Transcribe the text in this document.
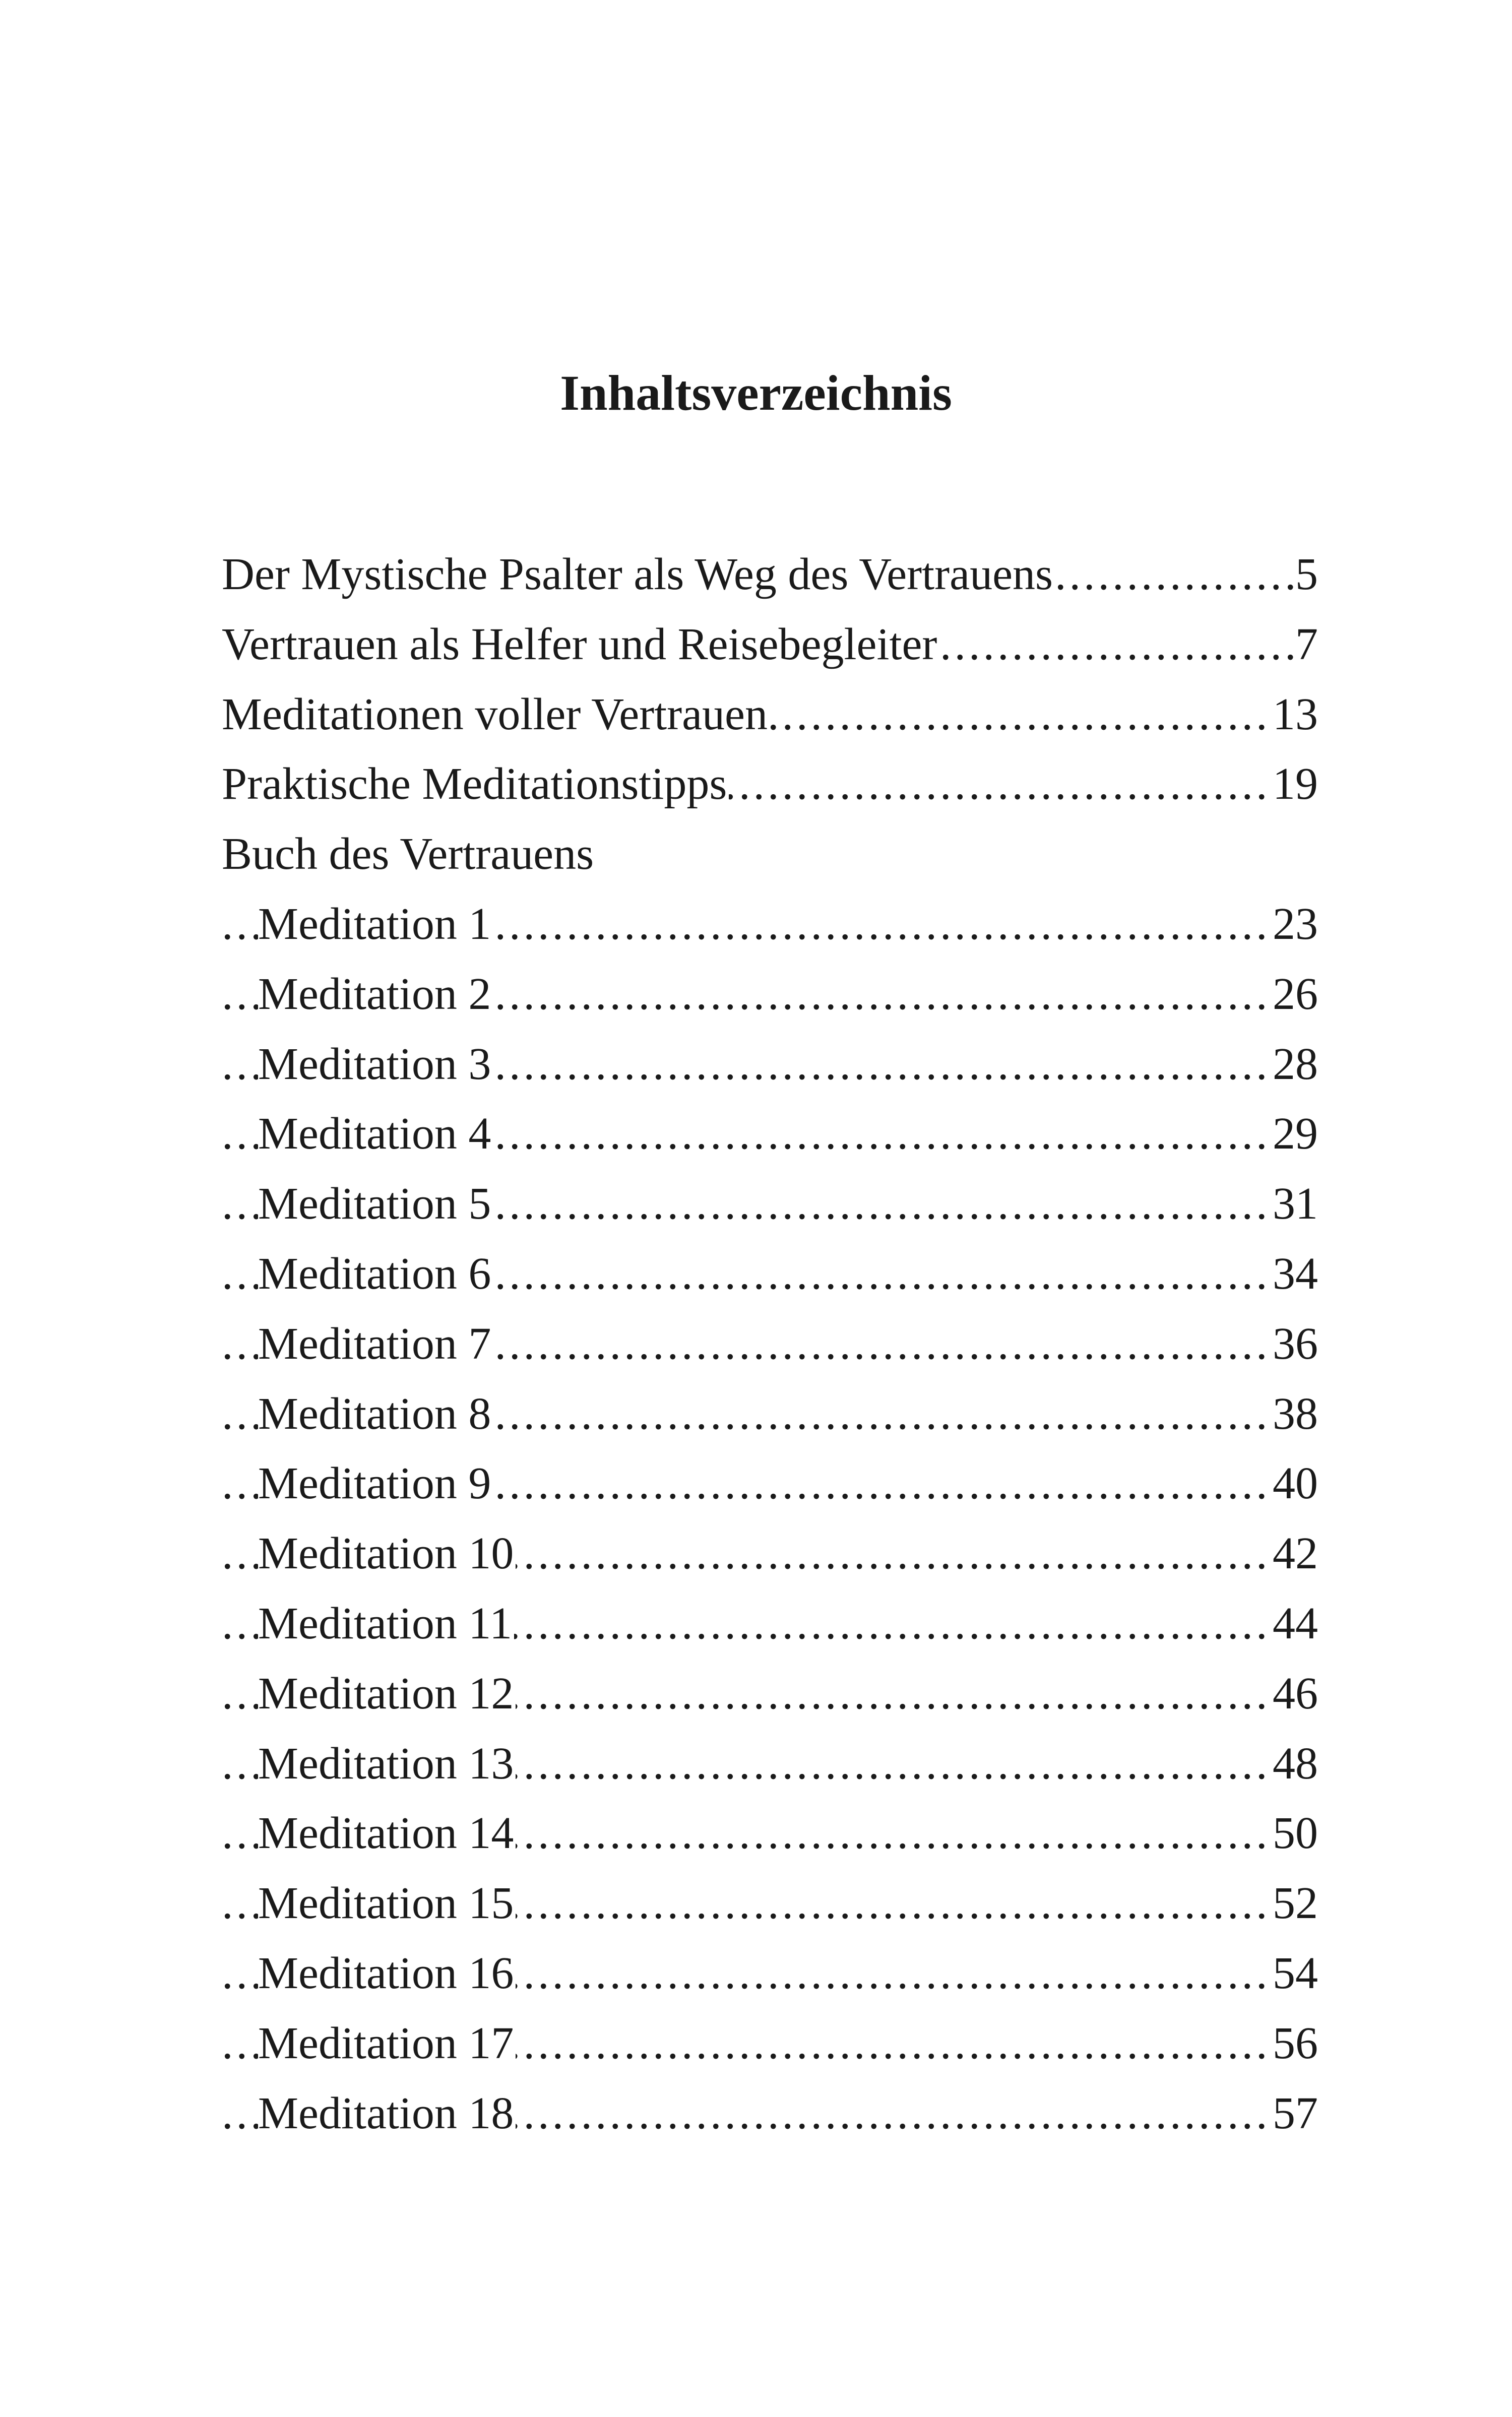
Inhaltsverzeichnis
.....
Der Mystische Psalter als Weg des Vertrauens	5
.....
Vertrauen als Helfer und Reisebegleiter	7
.....
Meditationen voller Vertrauen	13
.....
Praktische Meditationstipps	19
Buch des Vertrauens
.....
Meditation 1	23
.....
Meditation 2	26
.....
Meditation 3	28
.....
Meditation 4	29
.....
Meditation 5	31
.....
Meditation 6	34
.....
Meditation 7	36
.....
Meditation 8	38
.....
Meditation 9	40
.....
Meditation 10	42
.....
Meditation 11	44
.....
Meditation 12	46
.....
Meditation 13	48
.....
Meditation 14	50
.....
Meditation 15	52
.....
Meditation 16	54
.....
Meditation 17	56
.....
Meditation 18	57
